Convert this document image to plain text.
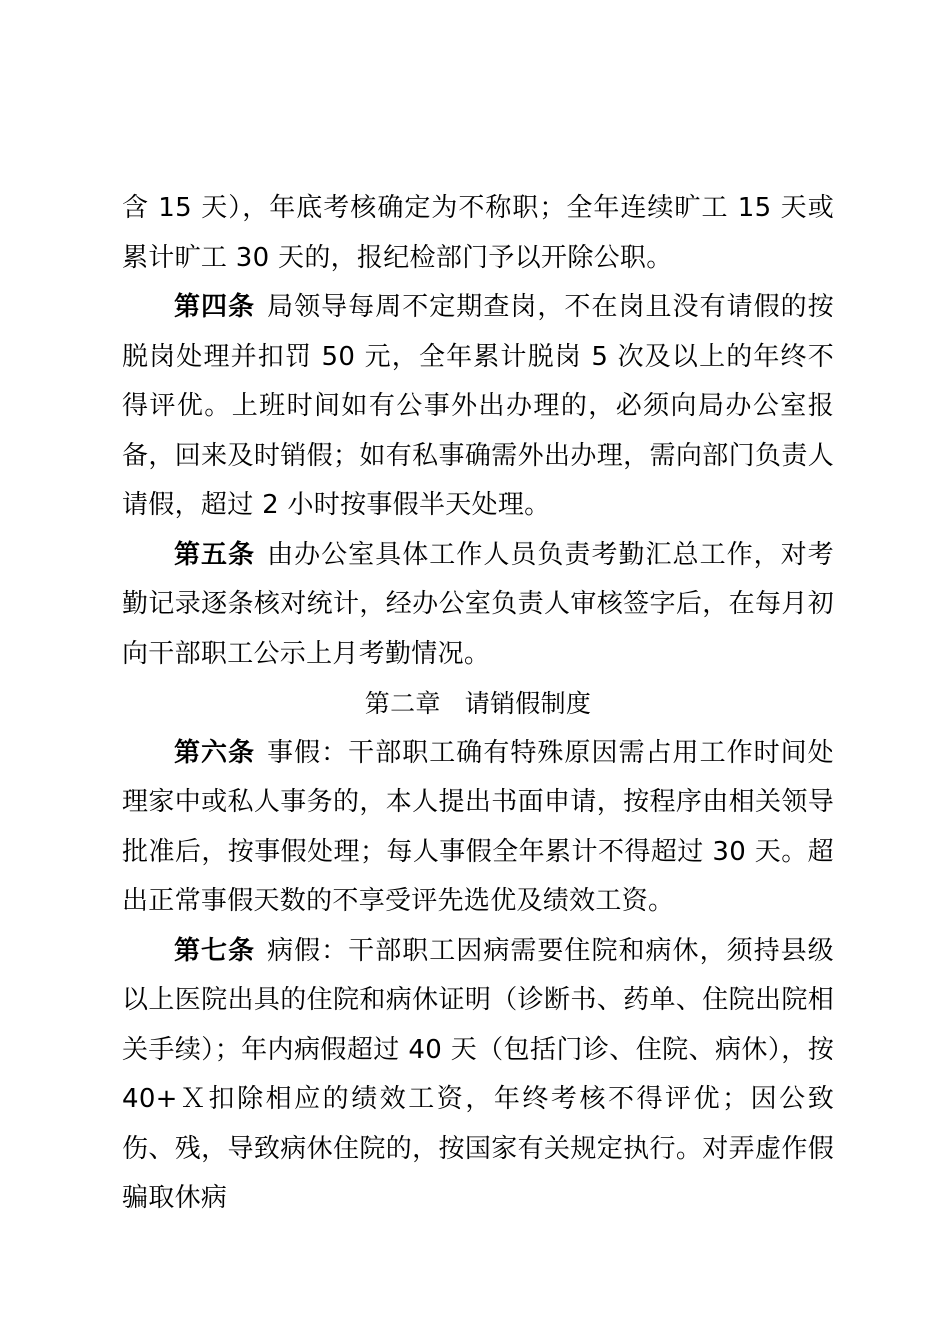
含 15 天），年底考核确定为不称职；全年连续旷工 15 天或累计旷工 30 天的，报纪检部门予以开除公职。

第四条 局领导每周不定期查岗，不在岗且没有请假的按脱岗处理并扣罚 50 元，全年累计脱岗 5 次及以上的年终不得评优。上班时间如有公事外出办理的，必须向局办公室报备，回来及时销假；如有私事确需外出办理，需向部门负责人请假，超过 2 小时按事假半天处理。

第五条 由办公室具体工作人员负责考勤汇总工作，对考勤记录逐条核对统计，经办公室负责人审核签字后，在每月初向干部职工公示上月考勤情况。

第二章 请销假制度

第六条 事假：干部职工确有特殊原因需占用工作时间处理家中或私人事务的，本人提出书面申请，按程序由相关领导批准后，按事假处理；每人事假全年累计不得超过 30 天。超出正常事假天数的不享受评先选优及绩效工资。

第七条 病假：干部职工因病需要住院和病休，须持县级以上医院出具的住院和病休证明（诊断书、药单、住院出院相关手续）；年内病假超过 40 天（包括门诊、住院、病休），按 40+Ｘ扣除相应的绩效工资，年终考核不得评优；因公致伤、残，导致病休住院的，按国家有关规定执行。对弄虚作假骗取休病
